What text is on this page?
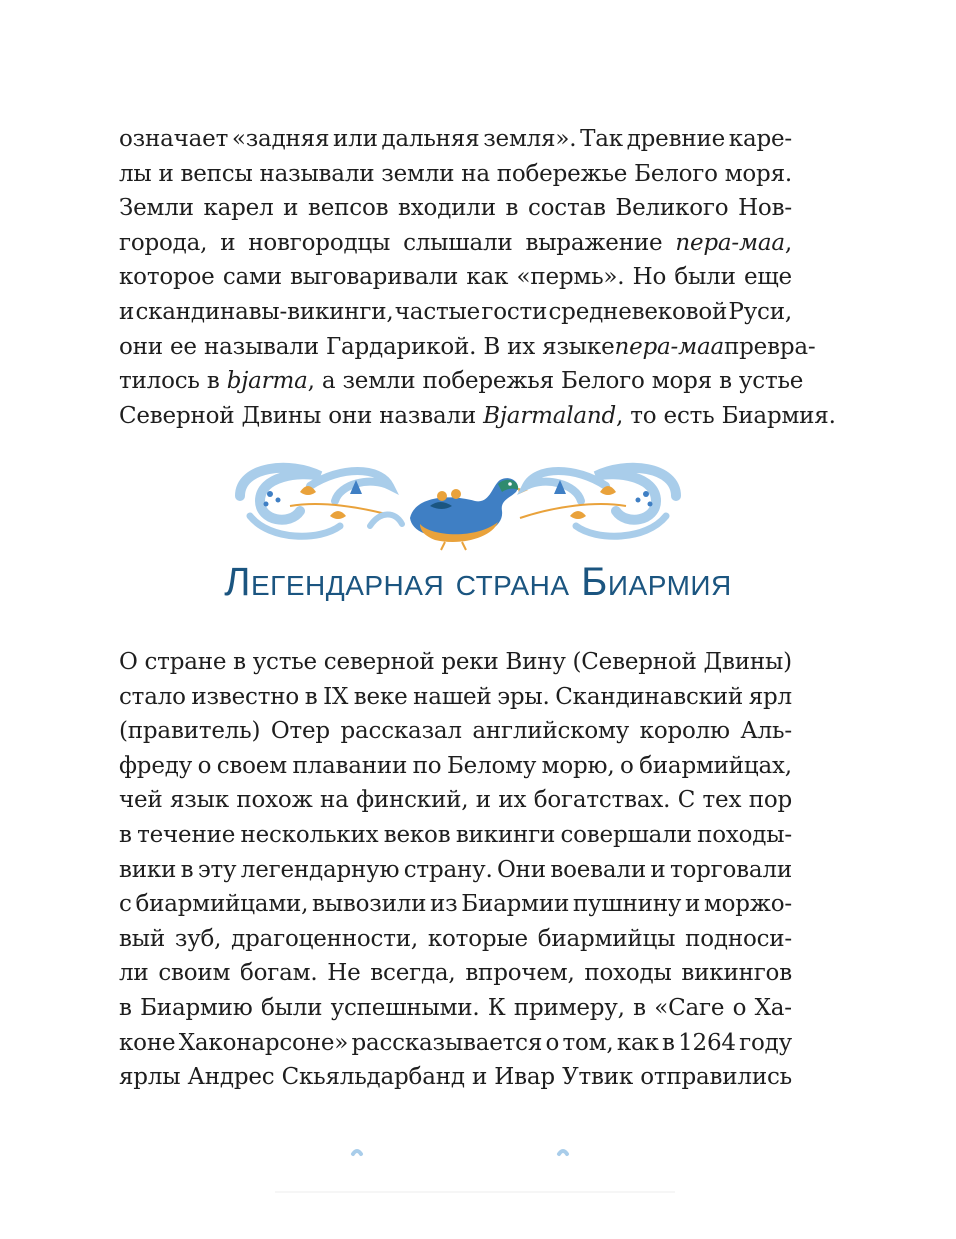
означает «задняя или дальняя земля». Так древние каре-
лы и вепсы называли земли на побережье Белого моря.
Земли карел и вепсов входили в состав Великого Нов-
города, и новгородцы слышали выражение пера-маа,
которое сами выговаривали как «пермь». Но были еще
и скандинавы-викинги, частые гости средневековой Руси,
они ее называли Гардарикой. В их языке пера-маа превра-
тилось в
bjarma , а земли побережья Белого моря в устье
Северной Двины они назвали
Bjarmaland , то есть Биармия.
Легендарная страна Биармия
О стране в устье северной реки Вину (Северной Двины)
стало известно в IX веке нашей эры. Скандинавский ярл
(правитель) Отер рассказал английскому королю Аль-
фреду о своем плавании по Белому морю, о биармийцах,
чей язык похож на финский, и их богатствах. С тех пор
в течение нескольких веков викинги совершали походы-
вики в эту легендарную страну. Они воевали и торговали
с биармийцами, вывозили из Биармии пушнину и моржо-
вый зуб, драгоценности, которые биармийцы подноси-
ли своим богам. Не всегда, впрочем, походы викингов
в Биармию были успешными. К примеру, в «Саге о Ха-
коне Хаконарсоне» рассказывается о том, как в 1264 году
ярлы Андрес Скьяльдарбанд и Ивар Утвик отправились
